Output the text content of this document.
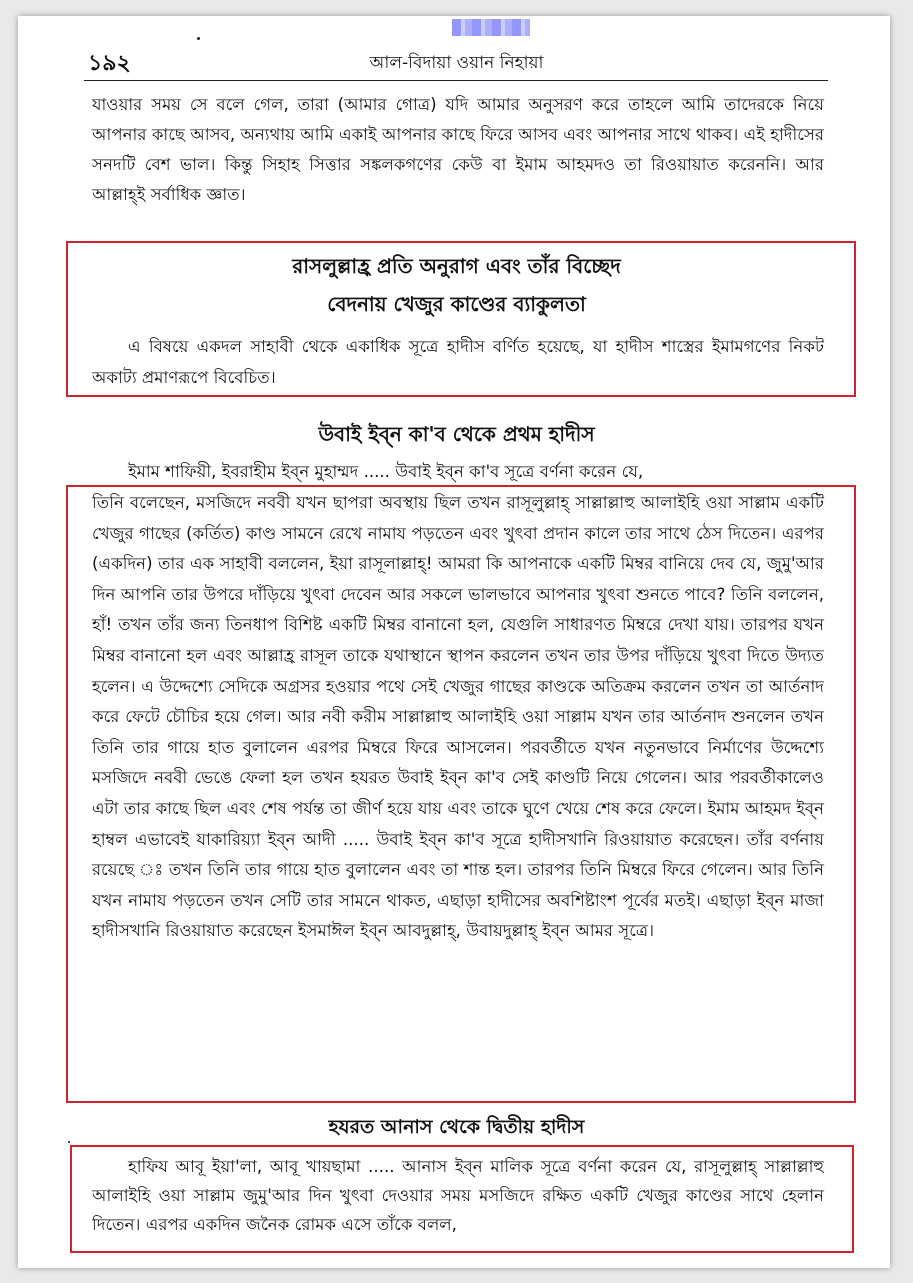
১৯২	আল-বিদায়া ওয়ান নিহায়া
যাওয়ার সময় সে বলে গেল, তারা (আমার গোত্র) যদি আমার অনুসরণ করে তাহলে আমি তাদেরকে নিয়ে আপনার কাছে আসব, অন্যথায় আমি একাই আপনার কাছে ফিরে আসব এবং আপনার সাথে থাকব। এই হাদীসের সনদটি বেশ ভাল। কিন্তু সিহাহ সিত্তার সঙ্কলকগণের কেউ বা ইমাম আহমদও তা রিওয়ায়াত করেননি। আর আল্লাহ্ই সর্বাধিক জ্ঞাত।
রাসলুল্লাহ্র প্রতি অনুরাগ এবং তাঁর বিচ্ছেদ
বেদনায় খেজুর কাণ্ডের ব্যাকুলতা
এ বিষয়ে একদল সাহাবী থেকে একাধিক সূত্রে হাদীস বর্ণিত হয়েছে, যা হাদীস শাস্ত্রের ইমামগণের নিকট অকাট্য প্রমাণরূপে বিবেচিত।
উবাই ইব্ন কা'ব থেকে প্রথম হাদীস
ইমাম শাফিয়ী, ইবরাহীম ইব্ন মুহাম্মদ ..... উবাই ইব্ন কা'ব সূত্রে বর্ণনা করেন যে,
তিনি বলেছেন, মসজিদে নববী যখন ছাপরা অবস্থায় ছিল তখন রাসূলুল্লাহ্ সাল্লাল্লাহু আলাইহি ওয়া সাল্লাম একটি খেজুর গাছের (কর্তিত) কাণ্ড সামনে রেখে নামায পড়তেন এবং খুৎবা প্রদান কালে তার সাথে ঠেস দিতেন। এরপর (একদিন) তার এক সাহাবী বললেন, ইয়া রাসূলাল্লাহ্! আমরা কি আপনাকে একটি মিম্বর বানিয়ে দেব যে, জুমু'আর দিন আপনি তার উপরে দাঁড়িয়ে খুৎবা দেবেন আর সকলে ভালভাবে আপনার খুৎবা শুনতে পাবে? তিনি বললেন, হাঁ! তখন তাঁর জন্য তিনধাপ বিশিষ্ট একটি মিম্বর বানানো হল, যেগুলি সাধারণত মিম্বরে দেখা যায়। তারপর যখন মিম্বর বানানো হল এবং আল্লাহ্র রাসূল তাকে যথাস্থানে স্থাপন করলেন তখন তার উপর দাঁড়িয়ে খুৎবা দিতে উদ্যত হলেন। এ উদ্দেশ্যে সেদিকে অগ্রসর হওয়ার পথে সেই খেজুর গাছের কাণ্ডকে অতিক্রম করলেন তখন তা আর্তনাদ করে ফেটে চৌচির হয়ে গেল। আর নবী করীম সাল্লাল্লাহু আলাইহি ওয়া সাল্লাম যখন তার আর্তনাদ শুনলেন তখন তিনি তার গায়ে হাত বুলালেন এরপর মিম্বরে ফিরে আসলেন। পরবর্তীতে যখন নতুনভাবে নির্মাণের উদ্দেশ্যে মসজিদে নববী ভেঙে ফেলা হল তখন হযরত উবাই ইব্ন কা'ব সেই কাণ্ডটি নিয়ে গেলেন। আর পরবর্তীকালেও এটা তার কাছে ছিল এবং শেষ পর্যন্ত তা জীর্ণ হয়ে যায় এবং তাকে ঘুণে খেয়ে শেষ করে ফেলে। ইমাম আহমদ ইব্ন হাম্বল এভাবেই যাকারিয়্যা ইব্ন আদী ..... উবাই ইব্ন কা'ব সূত্রে হাদীসখানি রিওয়ায়াত করেছেন। তাঁর বর্ণনায় রয়েছে ঃ তখন তিনি তার গায়ে হাত বুলালেন এবং তা শান্ত হল। তারপর তিনি মিম্বরে ফিরে গেলেন। আর তিনি যখন নামায পড়তেন তখন সেটি তার সামনে থাকত, এছাড়া হাদীসের অবশিষ্টাংশ পূর্বের মতই। এছাড়া ইব্ন মাজা হাদীসখানি রিওয়ায়াত করেছেন ইসমাঈল ইব্ন আবদুল্লাহ্, উবায়দুল্লাহ্ ইব্ন আমর সূত্রে।
হযরত আনাস থেকে দ্বিতীয় হাদীস
হাফিয আবূ ইয়া'লা, আবূ খায়ছামা ..... আনাস ইব্ন মালিক সূত্রে বর্ণনা করেন যে, রাসূলুল্লাহ্ সাল্লাল্লাহু আলাইহি ওয়া সাল্লাম জুমু'আর দিন খুৎবা দেওয়ার সময় মসজিদে রক্ষিত একটি খেজুর কাণ্ডের সাথে হেলান দিতেন। এরপর একদিন জনৈক রোমক এসে তাঁকে বলল,
